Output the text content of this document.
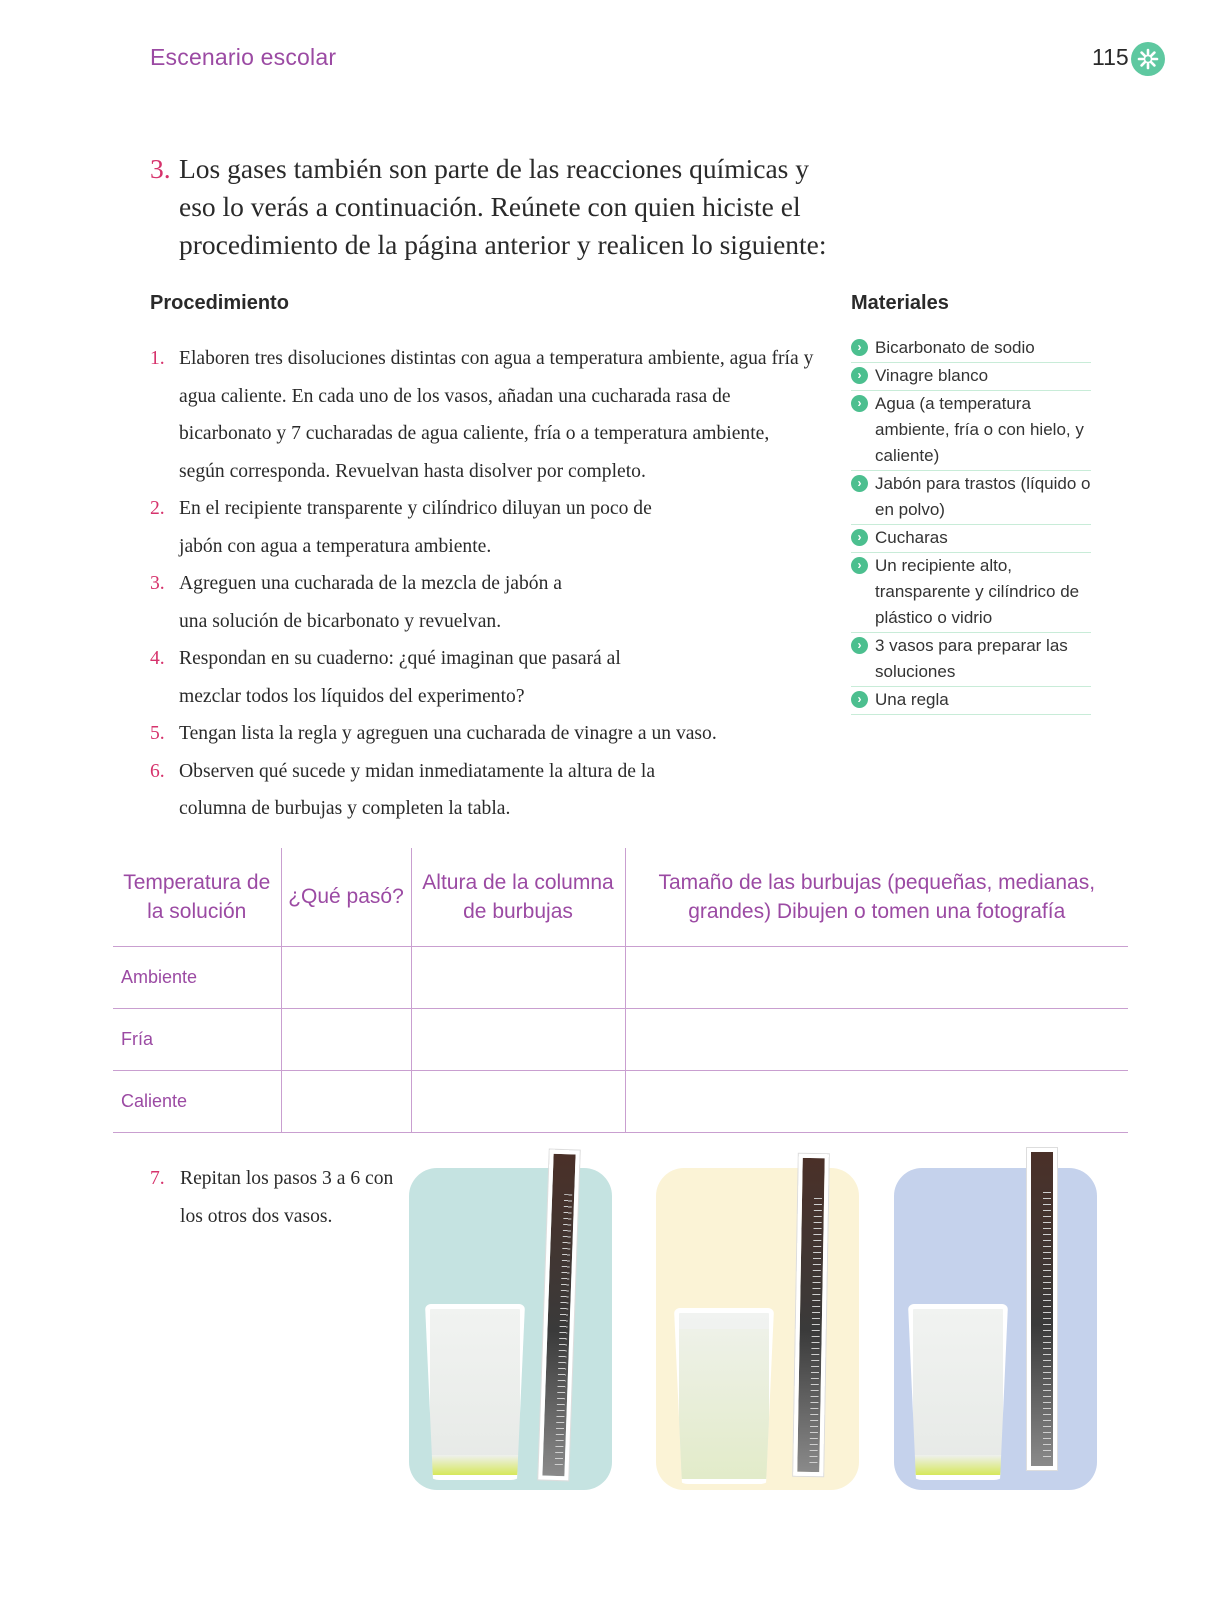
Escenario escolar	115
3. Los gases también son parte de las reacciones químicas y eso lo verás a continuación. Reúnete con quien hiciste el procedimiento de la página anterior y realicen lo siguiente:
Procedimiento	Materiales
1. Elaboren tres disoluciones distintas con agua a temperatura ambiente, agua fría y agua caliente. En cada uno de los vasos, añadan una cucharada rasa de bicarbonato y 7 cucharadas de agua caliente, fría o a temperatura ambiente, según corresponda. Revuelvan hasta disolver por completo.
2. En el recipiente transparente y cilíndrico diluyan un poco de jabón con agua a temperatura ambiente.
3. Agreguen una cucharada de la mezcla de jabón a una solución de bicarbonato y revuelvan.
4. Respondan en su cuaderno: ¿qué imaginan que pasará al mezclar todos los líquidos del experimento?
5. Tengan lista la regla y agreguen una cucharada de vinagre a un vaso.
6. Observen qué sucede y midan inmediatamente la altura de la columna de burbujas y completen la tabla.
› Bicarbonato de sodio
› Vinagre blanco
› Agua (a temperatura ambiente, fría o con hielo, y caliente)
› Jabón para trastos (líquido o en polvo)
› Cucharas
› Un recipiente alto, transparente y cilíndrico de plástico o vidrio
› 3 vasos para preparar las soluciones
› Una regla
Temperatura de la solución	¿Qué pasó?	Altura de la columna de burbujas	Tamaño de las burbujas (pequeñas, medianas, grandes) Dibujen o tomen una fotografía
Ambiente			
Fría			
Caliente			
7. Repitan los pasos 3 a 6 con los otros dos vasos.
